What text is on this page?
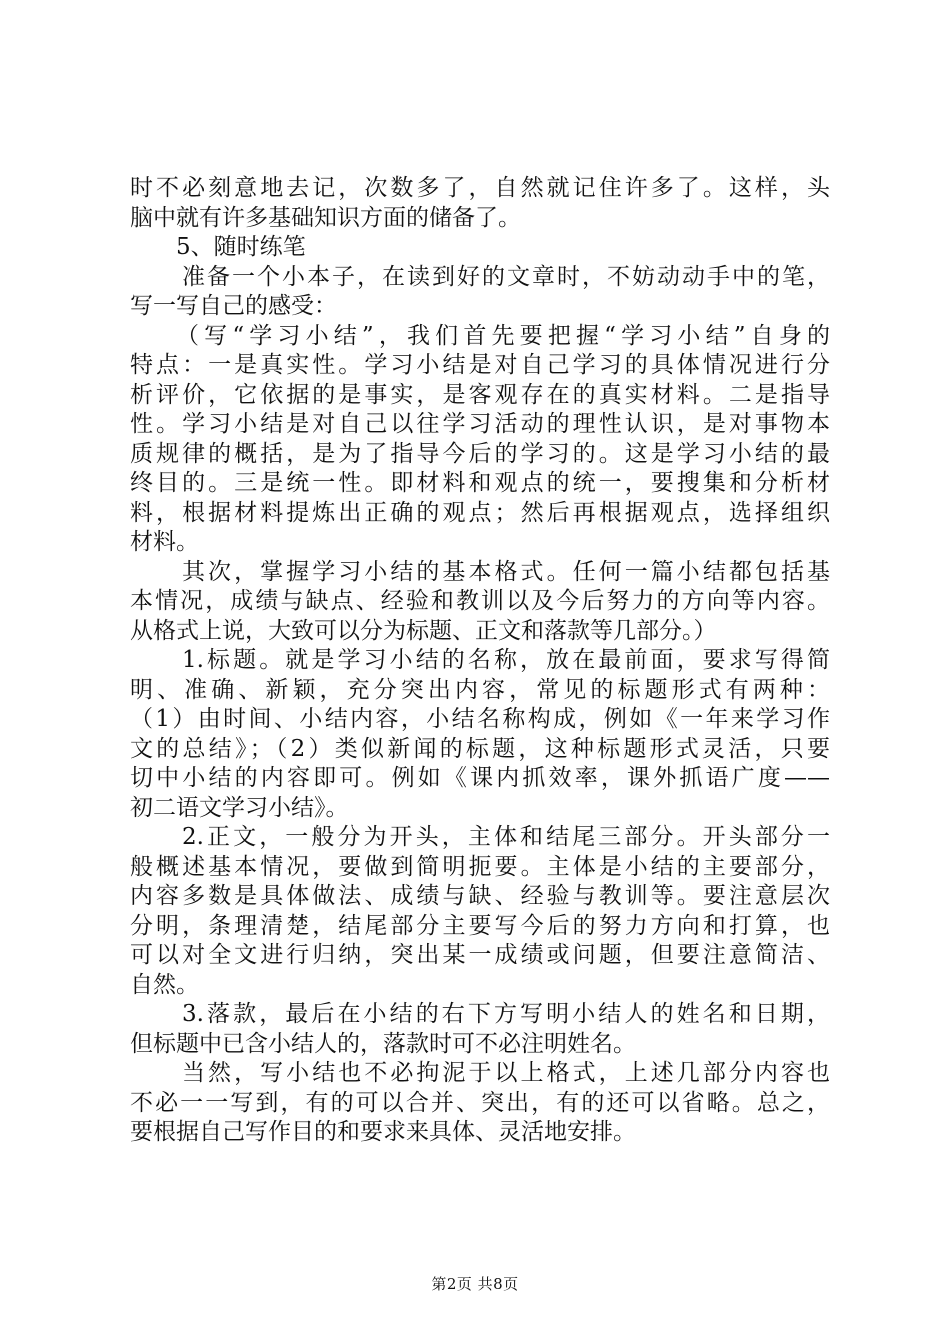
时不必刻意地去记，次数多了，自然就记住许多了。这样，头
脑中就有许多基础知识方面的储备了。
5、随时练笔
准备一个小本子，在读到好的文章时，不妨动动手中的笔，
写一写自己的感受：
（写“学习小结”，我们首先要把握“学习小结”自身的
特点：一是真实性。学习小结是对自己学习的具体情况进行分
析评价，它依据的是事实，是客观存在的真实材料。二是指导
性。学习小结是对自己以往学习活动的理性认识，是对事物本
质规律的概括，是为了指导今后的学习的。这是学习小结的最
终目的。三是统一性。即材料和观点的统一，要搜集和分析材
料，根据材料提炼出正确的观点；然后再根据观点，选择组织
材料。
其次，掌握学习小结的基本格式。任何一篇小结都包括基
本情况，成绩与缺点、经验和教训以及今后努力的方向等内容。
从格式上说，大致可以分为标题、正文和落款等几部分。）
1.标题。就是学习小结的名称，放在最前面，要求写得简
明、准确、新颖，充分突出内容，常见的标题形式有两种：
（1）由时间、小结内容，小结名称构成，例如《一年来学习作
文的总结》；（2）类似新闻的标题，这种标题形式灵活，只要
切中小结的内容即可。例如《课内抓效率，课外抓语广度——
初二语文学习小结》。
2.正文，一般分为开头，主体和结尾三部分。开头部分一
般概述基本情况，要做到简明扼要。主体是小结的主要部分，
内容多数是具体做法、成绩与缺、经验与教训等。要注意层次
分明，条理清楚，结尾部分主要写今后的努力方向和打算，也
可以对全文进行归纳，突出某一成绩或问题，但要注意简洁、
自然。
3.落款，最后在小结的右下方写明小结人的姓名和日期，
但标题中已含小结人的，落款时可不必注明姓名。
当然，写小结也不必拘泥于以上格式，上述几部分内容也
不必一一写到，有的可以合并、突出，有的还可以省略。总之，
要根据自己写作目的和要求来具体、灵活地安排。
第2页 共8页
